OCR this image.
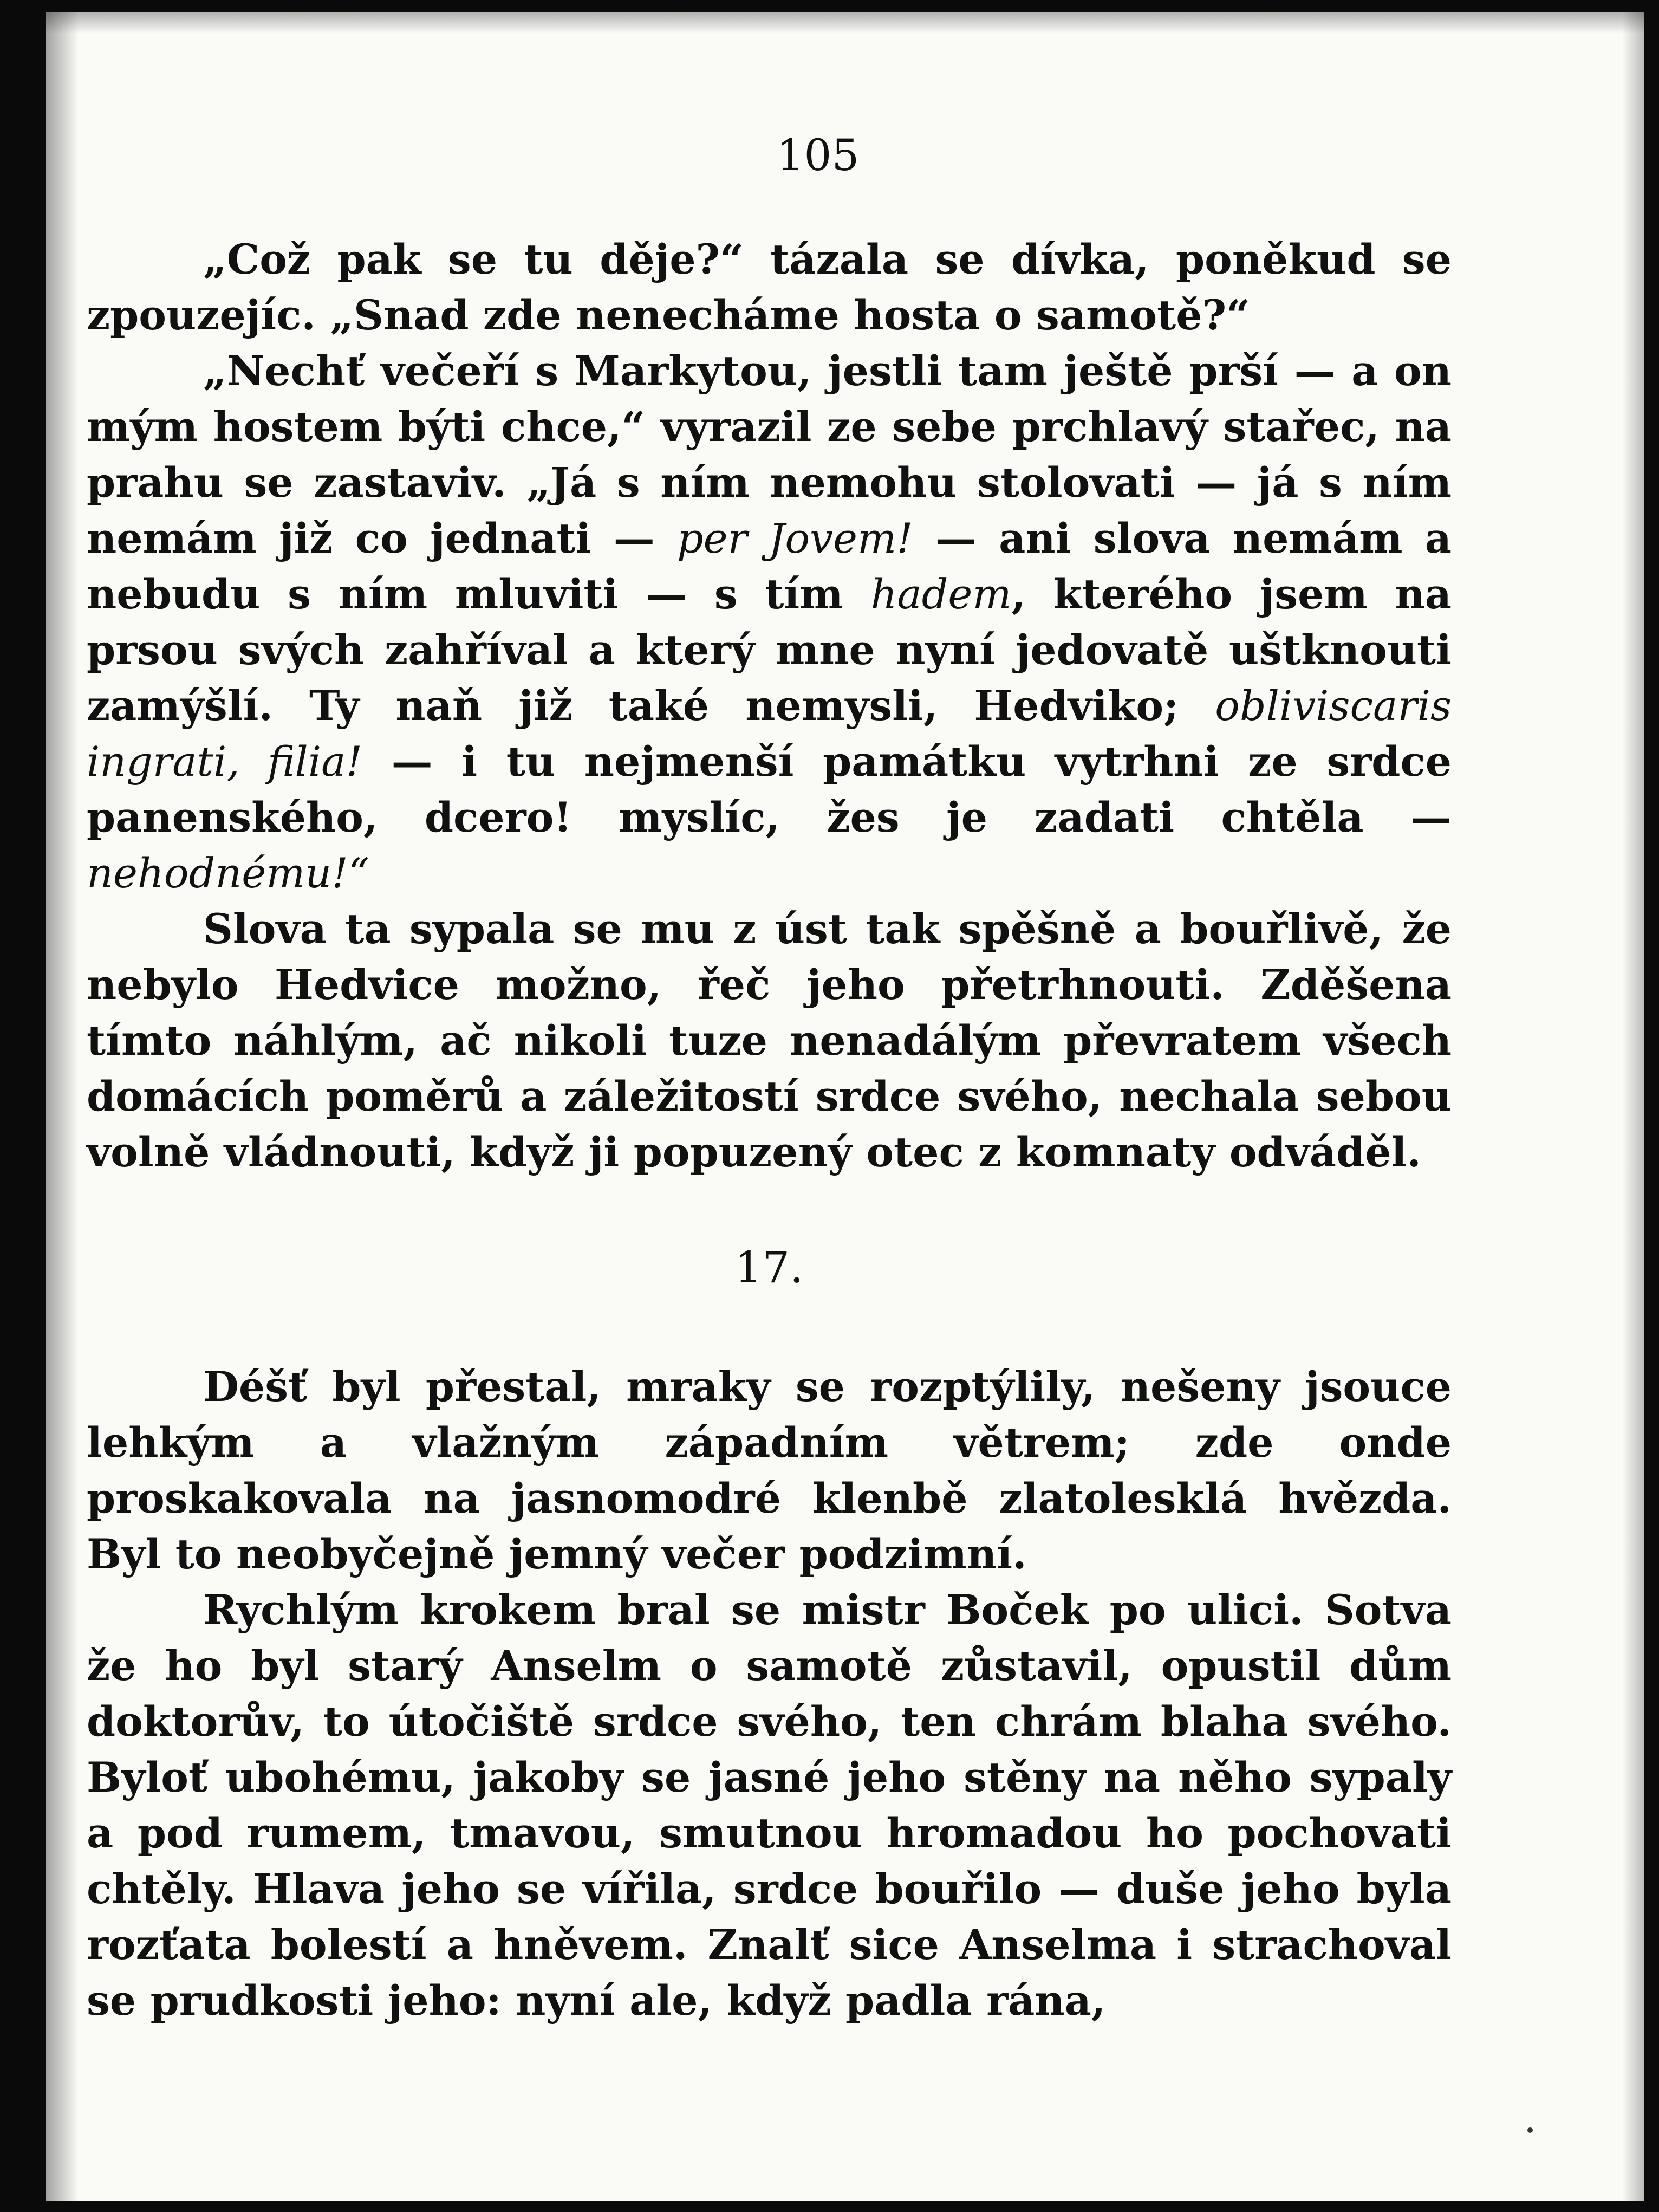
105

„Což pak se tu děje?“ tázala se dívka, poněkud se zpouzejíc. „Snad zde nenecháme hosta o samotě?“

„Nechť večeří s Markytou, jestli tam ještě prší — a on mým hostem býti chce,“ vyrazil ze sebe prchlavý stařec, na prahu se zastaviv. „Já s ním nemohu stolovati — já s ním nemám již co jednati — per Jovem! — ani slova nemám a nebudu s ním mluviti — s tím hadem, kterého jsem na prsou svých zahříval a který mne nyní jedovatě uštknouti zamýšlí. Ty naň již také nemysli, Hedviko; obliviscaris ingrati, filia! — i tu nejmenší památku vytrhni ze srdce panenského, dcero! myslíc, žes je zadati chtěla — nehodnému!“

Slova ta sypala se mu z úst tak spěšně a bouřlivě, že nebylo Hedvice možno, řeč jeho přetrhnouti. Zděšena tímto náhlým, ač nikoli tuze nenadálým převratem všech domácích poměrů a záležitostí srdce svého, nechala sebou volně vládnouti, když ji popuzený otec z komnaty odváděl.

17.

Déšť byl přestal, mraky se rozptýlily, nešeny jsouce lehkým a vlažným západním větrem; zde onde proskakovala na jasnomodré klenbě zlatolesklá hvězda. Byl to neobyčejně jemný večer podzimní.

Rychlým krokem bral se mistr Boček po ulici. Sotva že ho byl starý Anselm o samotě zůstavil, opustil dům doktorův, to útočiště srdce svého, ten chrám blaha svého. Byloť ubohému, jakoby se jasné jeho stěny na něho sypaly a pod rumem, tmavou, smutnou hromadou ho pochovati chtěly. Hlava jeho se vířila, srdce bouřilo — duše jeho byla rozťata bolestí a hněvem. Znalť sice Anselma i strachoval se prudkosti jeho: nyní ale, když padla rána,
